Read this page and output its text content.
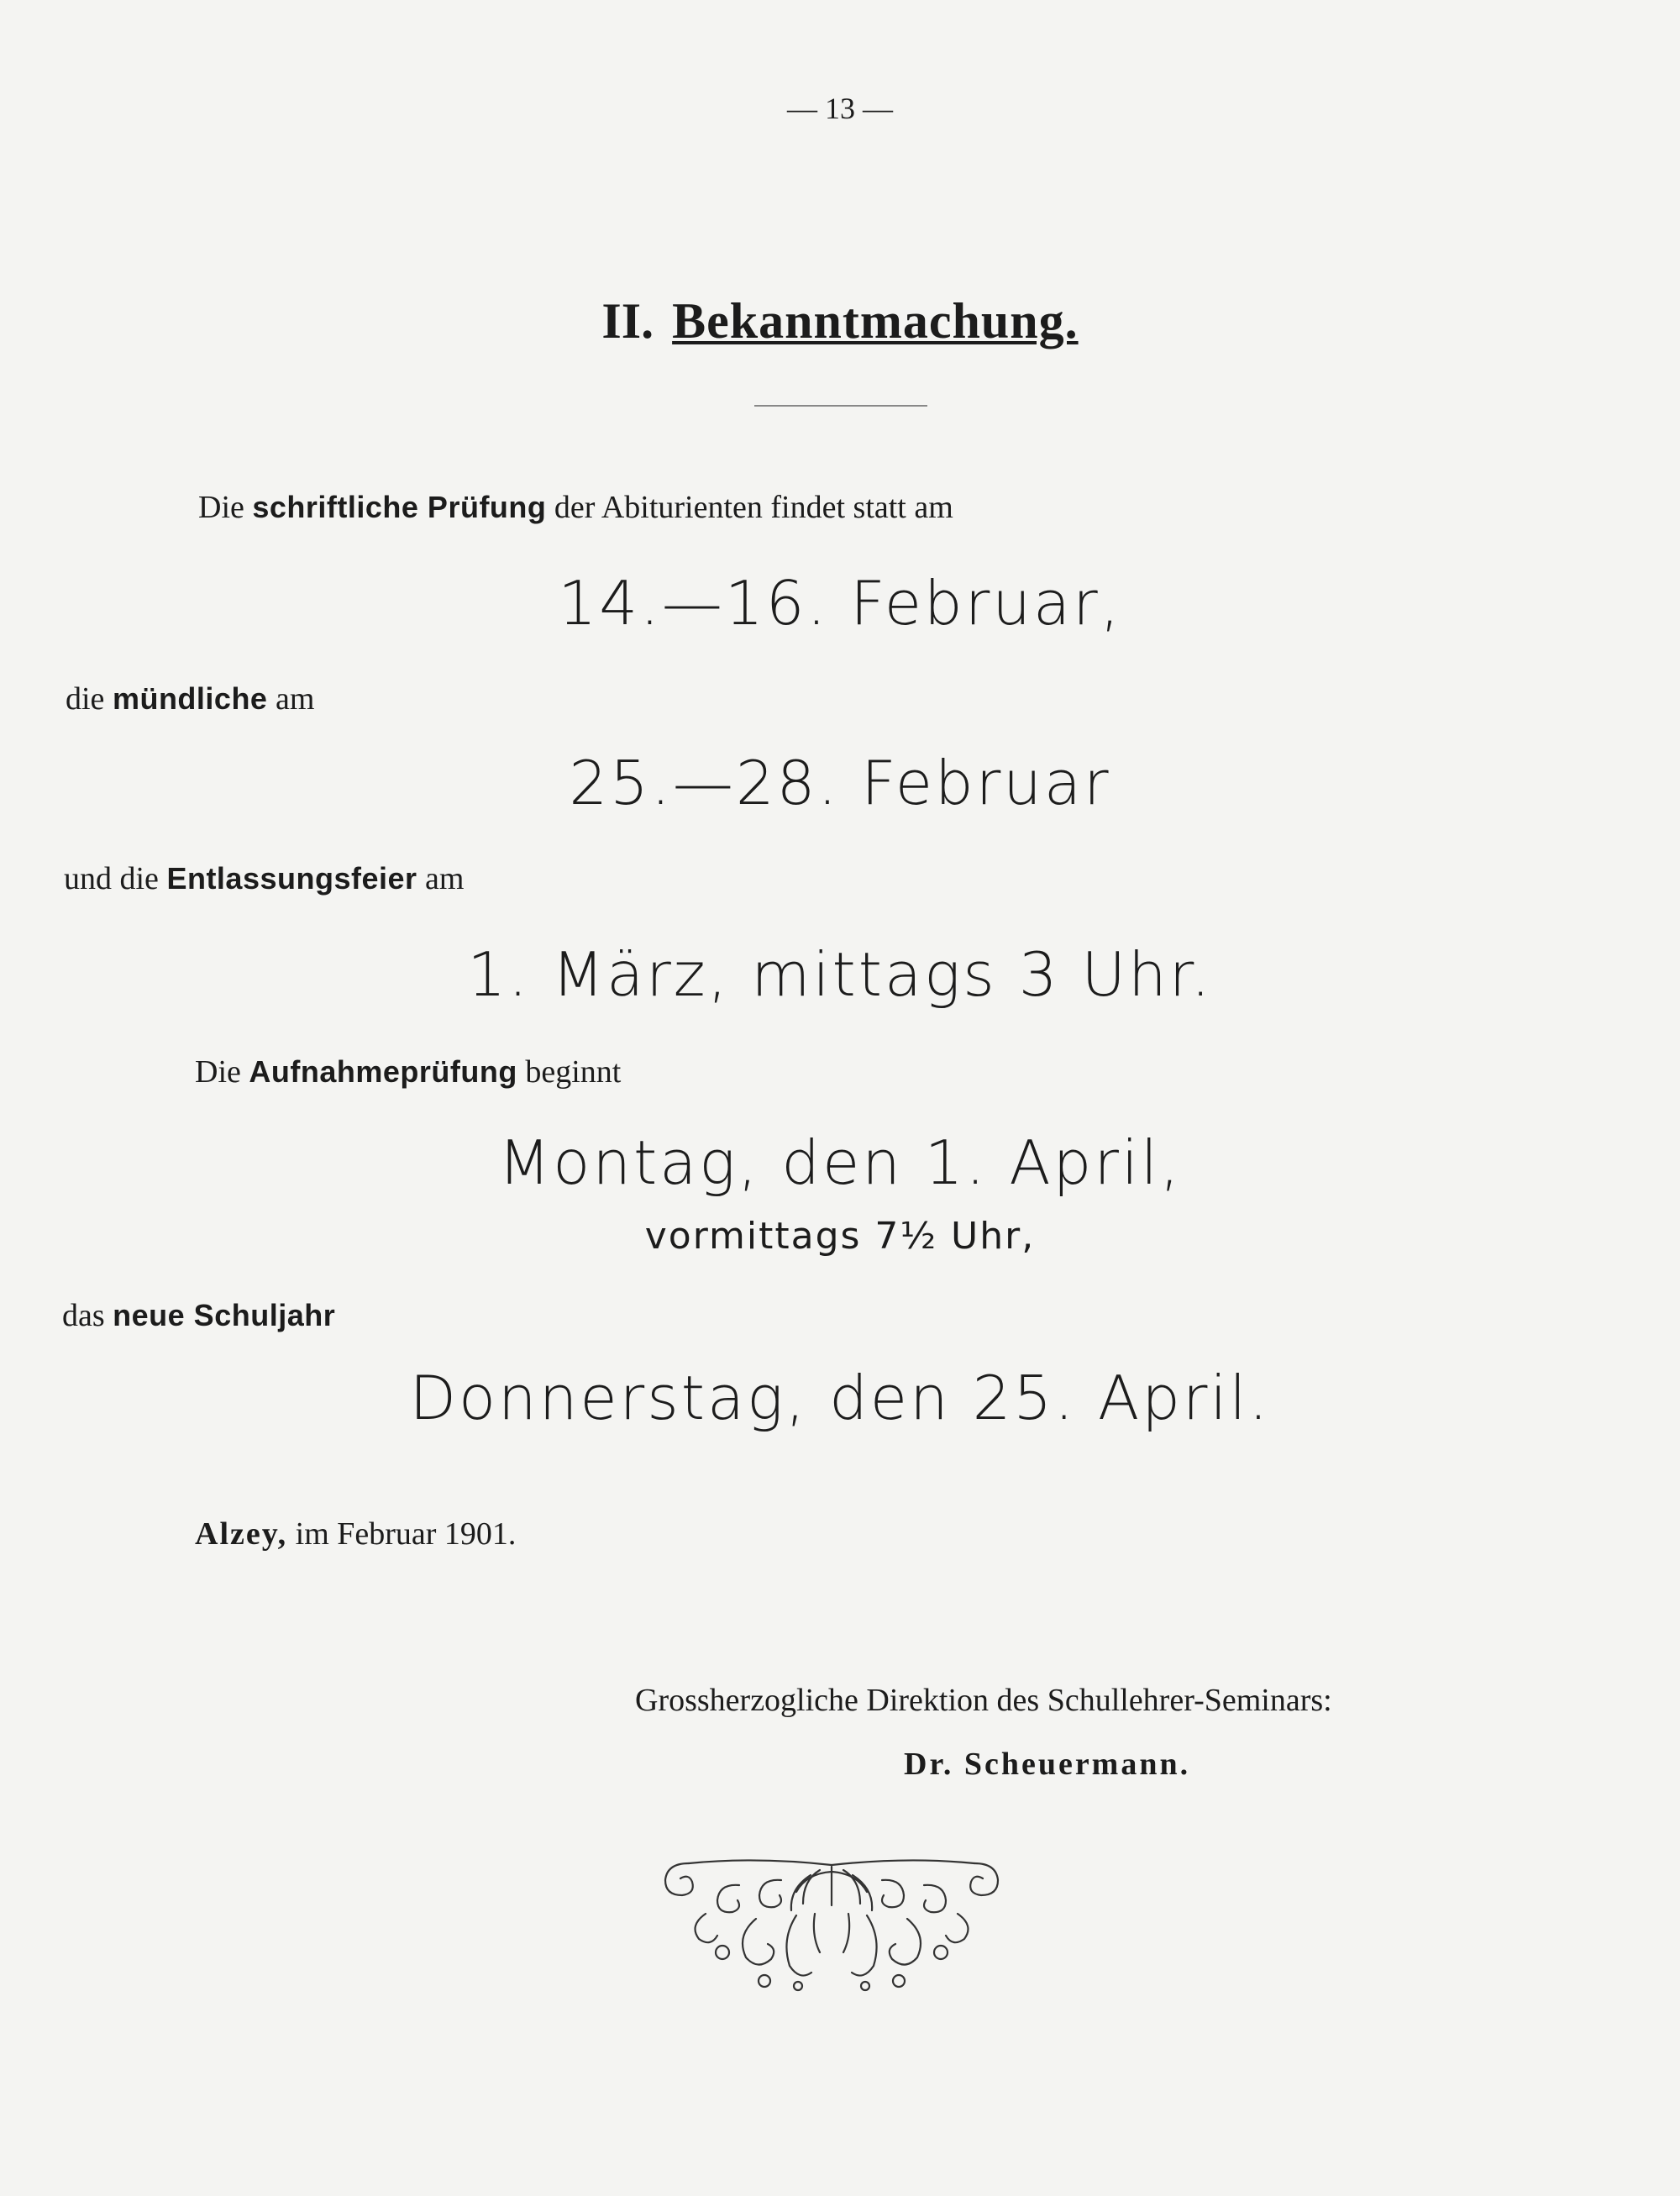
— 13 —
II. Bekanntmachung.
Die schriftliche Prüfung der Abiturienten findet statt am
14.—16. Februar,
die mündliche am
25.—28. Februar
und die Entlassungsfeier am
1. März, mittags 3 Uhr.
Die Aufnahmeprüfung beginnt
Montag, den 1. April,
vormittags 7½ Uhr,
das neue Schuljahr
Donnerstag, den 25. April.
Alzey, im Februar 1901.
Grossherzogliche Direktion des Schullehrer-Seminars:
Dr. Scheuermann.
